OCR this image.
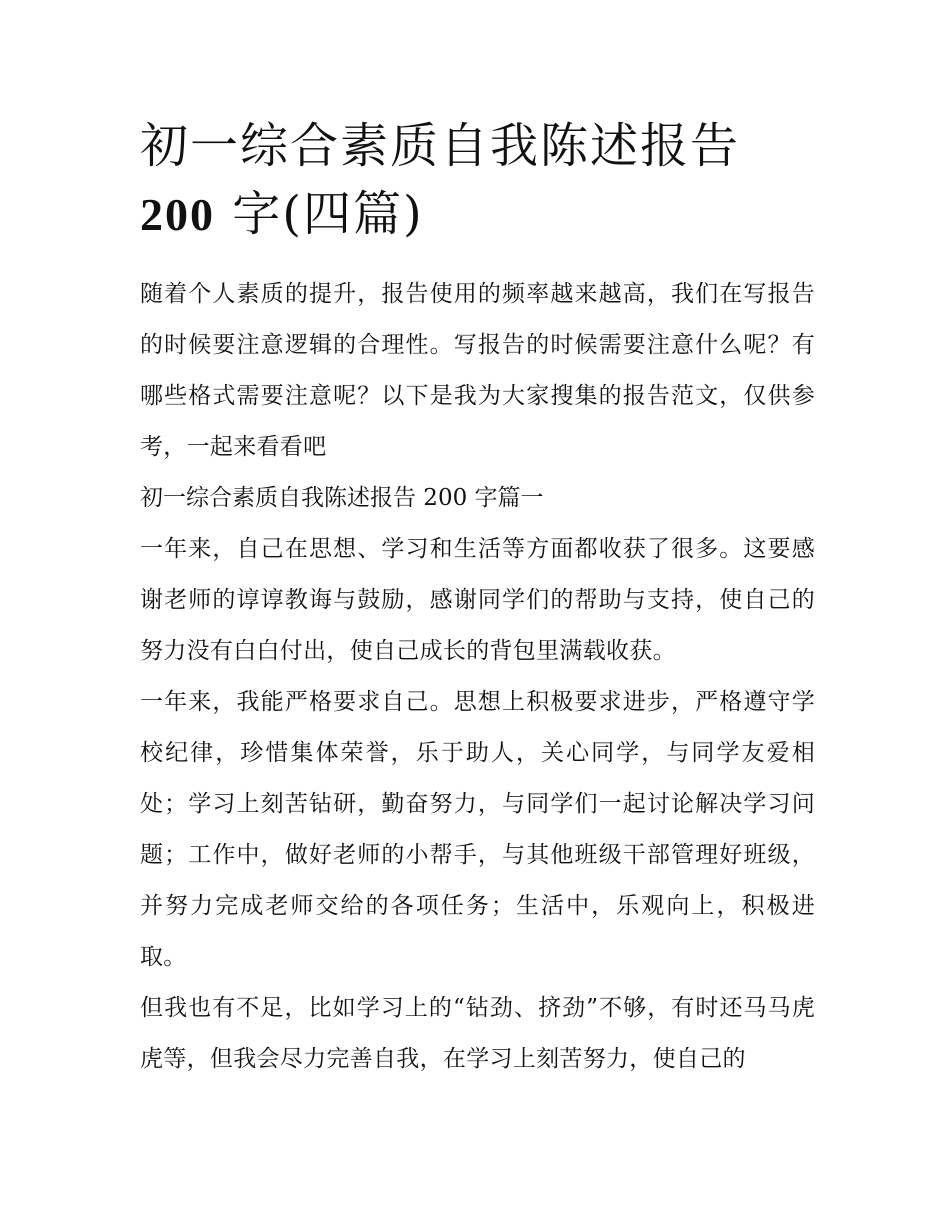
初一综合素质自我陈述报告
200 字(四篇)

随着个人素质的提升，报告使用的频率越来越高，我们在写报告的时候要注意逻辑的合理性。写报告的时候需要注意什么呢？有哪些格式需要注意呢？以下是我为大家搜集的报告范文，仅供参考，一起来看看吧

初一综合素质自我陈述报告 200 字篇一

一年来，自己在思想、学习和生活等方面都收获了很多。这要感谢老师的谆谆教诲与鼓励，感谢同学们的帮助与支持，使自己的努力没有白白付出，使自己成长的背包里满载收获。

一年来，我能严格要求自己。思想上积极要求进步，严格遵守学校纪律，珍惜集体荣誉，乐于助人，关心同学，与同学友爱相处；学习上刻苦钻研，勤奋努力，与同学们一起讨论解决学习问题；工作中，做好老师的小帮手，与其他班级干部管理好班级，并努力完成老师交给的各项任务；生活中，乐观向上，积极进取。

但我也有不足，比如学习上的“钻劲、挤劲”不够，有时还马马虎虎等，但我会尽力完善自我，在学习上刻苦努力，使自己的
